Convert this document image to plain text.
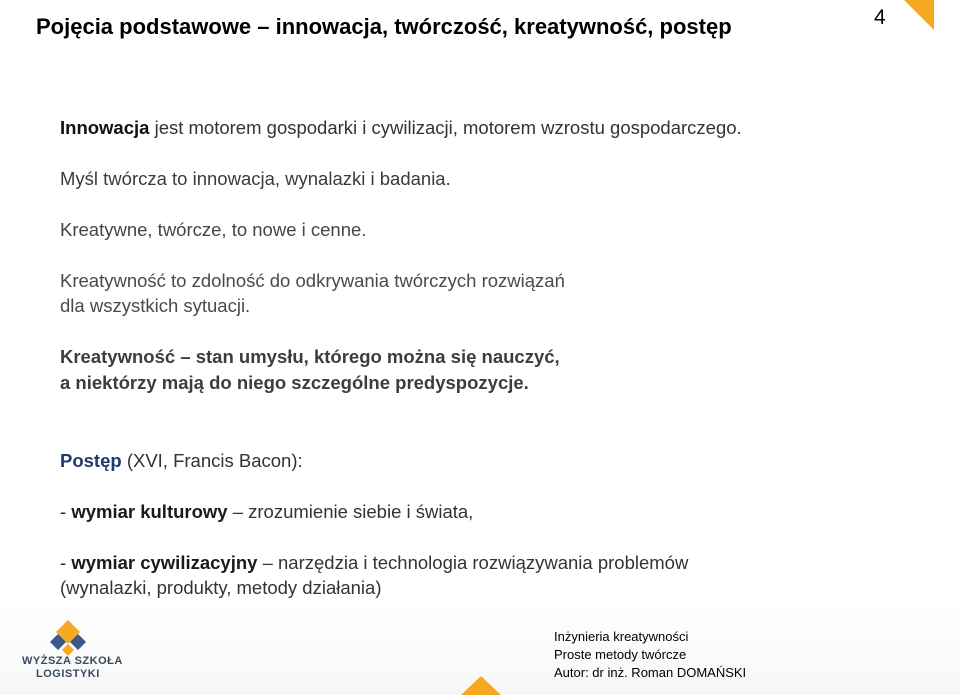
Pojęcia podstawowe – innowacja, twórczość, kreatywność, postęp	4
Innowacja jest motorem gospodarki i cywilizacji, motorem wzrostu gospodarczego.
Myśl twórcza to innowacja, wynalazki i badania.
Kreatywne, twórcze, to nowe i cenne.
Kreatywność to zdolność do odkrywania twórczych rozwiązań
dla wszystkich sytuacji.
Kreatywność – stan umysłu, którego można się nauczyć,
a niektórzy mają do niego szczególne predyspozycje.
Postęp (XVI, Francis Bacon):
- wymiar kulturowy – zrozumienie siebie i świata,
- wymiar cywilizacyjny – narzędzia i technologia rozwiązywania problemów
(wynalazki, produkty, metody działania)
WYŻSZA SZKOŁA
LOGISTYKI
Inżynieria kreatywności
Proste metody twórcze
Autor: dr inż. Roman DOMAŃSKI
